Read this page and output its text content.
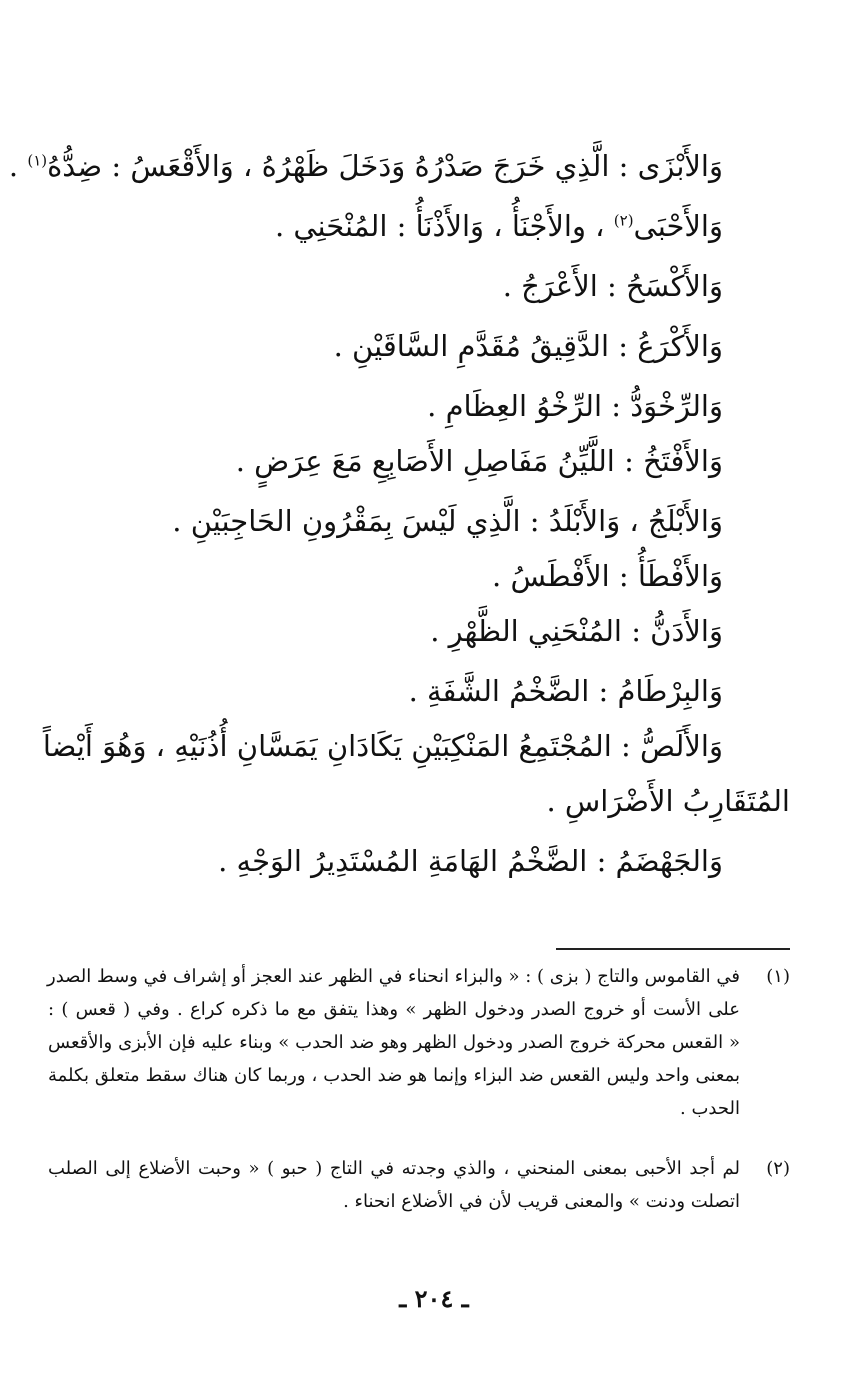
وَالأَبْزَى : الَّذِي خَرَجَ صَدْرُهُ وَدَخَلَ ظَهْرُهُ ، وَالأَقْعَسُ : ضِدُّهُ$^{(١)}$ .
وَالأَحْبَى$^{(٢)}$ ، والأَجْنَأُ ، وَالأَذْنَأُ : المُنْحَنِي .
وَالأَكْسَحُ : الأَعْرَجُ .
وَالأَكْرَعُ : الدَّقِيقُ مُقَدَّمِ السَّاقَيْنِ .
وَالرِّخْوَدُّ : الرِّخْوُ العِظَامِ .
وَالأَفْتَخُ : اللَّيِّنُ مَفَاصِلِ الأَصَابِعِ مَعَ عِرَضٍ .
وَالأَبْلَجُ ، وَالأَبْلَدُ : الَّذِي لَيْسَ بِمَقْرُونِ الحَاجِبَيْنِ .
وَالأَفْطَأُ : الأَفْطَسُ .
وَالأَدَنُّ : المُنْحَنِي الظَّهْرِ .
وَالبِرْطَامُ : الضَّخْمُ الشَّفَةِ .
وَالأَلَصُّ : المُجْتَمِعُ المَنْكِبَيْنِ يَكَادَانِ يَمَسَّانِ أُذُنَيْهِ ، وَهُوَ أَيْضاً
المُتَقَارِبُ الأَضْرَاسِ .
وَالجَهْضَمُ : الضَّخْمُ الهَامَةِ المُسْتَدِيرُ الوَجْهِ .
(١)
في القاموس والتاج ( بزى ) : « والبزاء انحناء في الظهر عند العجز أو إشراف في وسط الصدر
على الأست أو خروج الصدر ودخول الظهر » وهذا يتفق مع ما ذكره كراع . وفي ( قعس ) :
« القعس محركة خروج الصدر ودخول الظهر وهو ضد الحدب » وبناء عليه فإن الأبزى والأقعس
بمعنى واحد وليس القعس ضد البزاء وإنما هو ضد الحدب ، وربما كان هناك سقط متعلق بكلمة
الحدب .
(٢)
لم أجد الأحبى بمعنى المنحني ، والذي وجدته في التاج ( حبو ) « وحبت الأضلاع إلى الصلب
اتصلت ودنت » والمعنى قريب لأن في الأضلاع انحناء .
ـ ٢٠٤ ـ
